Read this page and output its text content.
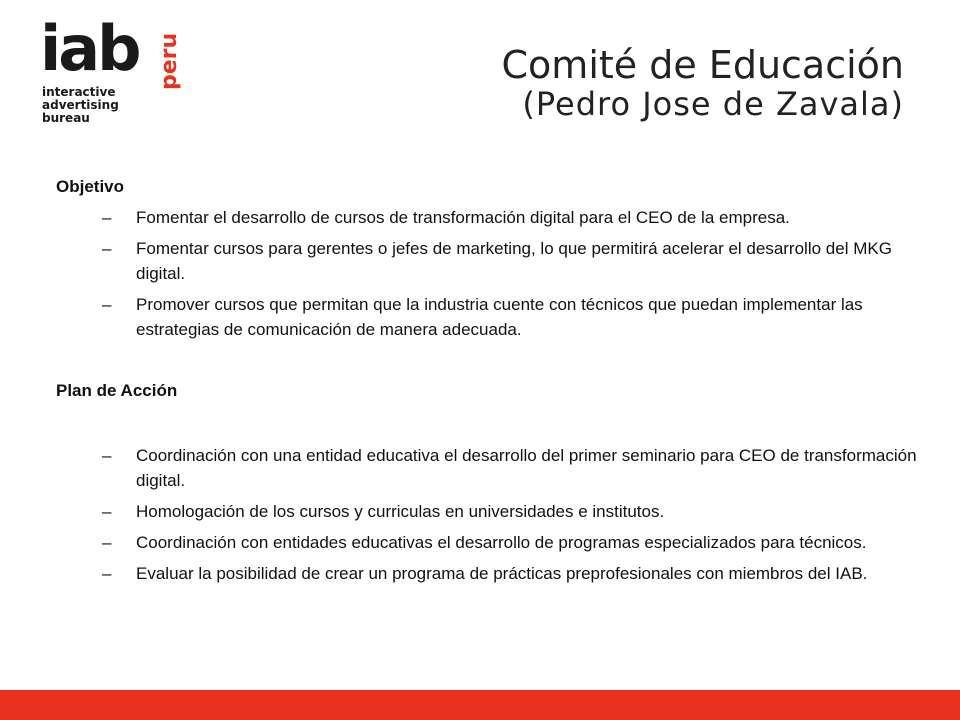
iab peru
interactive
advertising
bureau
Comité de Educación
(Pedro Jose de Zavala)
Objetivo
– Fomentar el desarrollo de cursos de transformación digital para el CEO de la empresa.
– Fomentar cursos para gerentes o jefes de marketing, lo que permitirá acelerar el desarrollo del MKG digital.
– Promover cursos que permitan que la industria cuente con técnicos que puedan implementar las estrategias de comunicación de manera adecuada.
Plan de Acción
– Coordinación con una entidad educativa el desarrollo del primer seminario para CEO de transformación digital.
– Homologación de los cursos y curriculas en universidades e institutos.
– Coordinación con entidades educativas el desarrollo de programas especializados para técnicos.
– Evaluar la posibilidad de crear un programa de prácticas preprofesionales con miembros del IAB.
